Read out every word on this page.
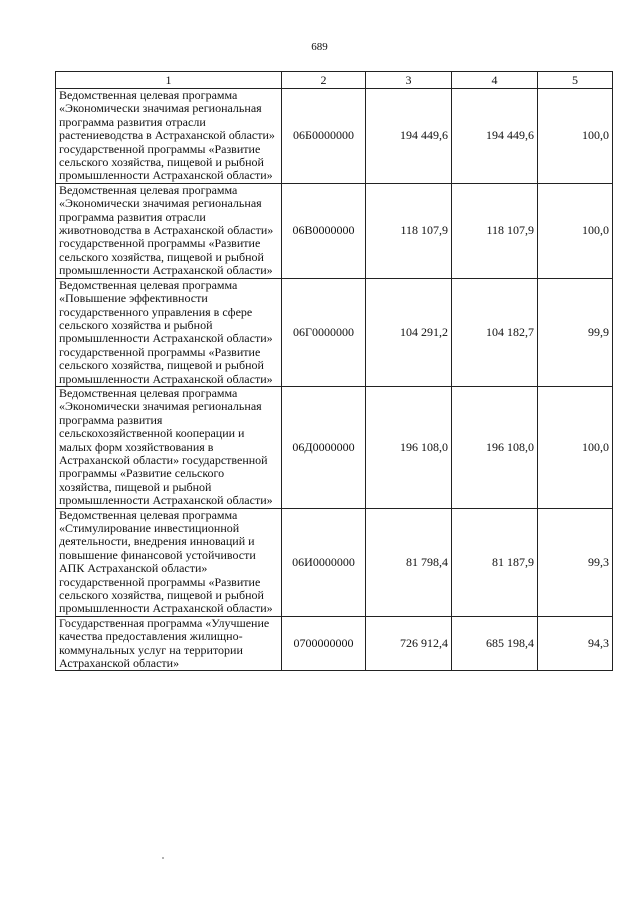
689
1	2	3	4	5
Ведомственная целевая программа «Экономически значимая региональная программа развития отрасли растениеводства в Астраханской области» государственной программы «Развитие сельского хозяйства, пищевой и рыбной промышленности Астраханской области»	06Б0000000	194 449,6	194 449,6	100,0
Ведомственная целевая программа «Экономически значимая региональная программа развития отрасли животноводства в Астраханской области» государственной программы «Развитие сельского хозяйства, пищевой и рыбной промышленности Астраханской области»	06В0000000	118 107,9	118 107,9	100,0
Ведомственная целевая программа «Повышение эффективности государственного управления в сфере сельского хозяйства и рыбной промышленности Астраханской области» государственной программы «Развитие сельского хозяйства, пищевой и рыбной промышленности Астраханской области»	06Г0000000	104 291,2	104 182,7	99,9
Ведомственная целевая программа «Экономически значимая региональная программа развития сельскохозяйственной кооперации и малых форм хозяйствования в Астраханской области» государственной программы «Развитие сельского хозяйства, пищевой и рыбной промышленности Астраханской области»	06Д0000000	196 108,0	196 108,0	100,0
Ведомственная целевая программа «Стимулирование инвестиционной деятельности, внедрения инноваций и повышение финансовой устойчивости АПК Астраханской области» государственной программы «Развитие сельского хозяйства, пищевой и рыбной промышленности Астраханской области»	06И0000000	81 798,4	81 187,9	99,3
Государственная программа «Улучшение качества предоставления жилищно-коммунальных услуг на территории Астраханской области»	0700000000	726 912,4	685 198,4	94,3
